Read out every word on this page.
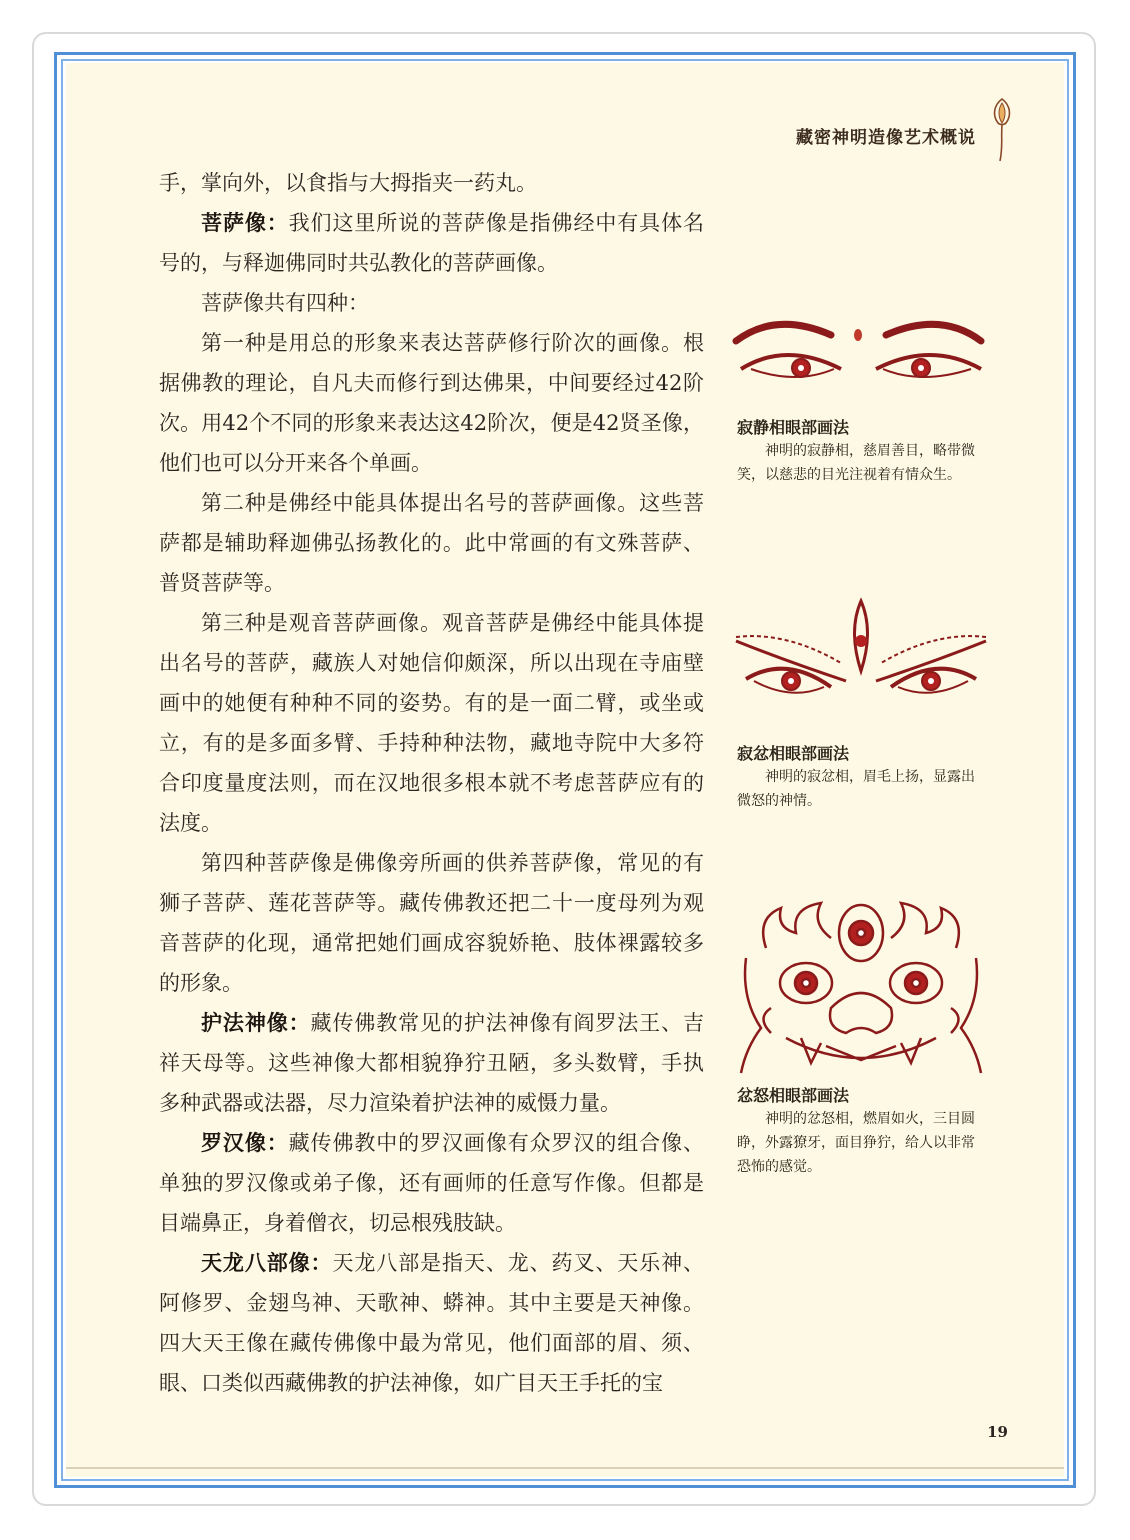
藏密神明造像艺术概说

手，掌向外，以食指与大拇指夹一药丸。

菩萨像：我们这里所说的菩萨像是指佛经中有具体名号的，与释迦佛同时共弘教化的菩萨画像。

菩萨像共有四种：

第一种是用总的形象来表达菩萨修行阶次的画像。根据佛教的理论，自凡夫而修行到达佛果，中间要经过42阶次。用42个不同的形象来表达这42阶次，便是42贤圣像，他们也可以分开来各个单画。

第二种是佛经中能具体提出名号的菩萨画像。这些菩萨都是辅助释迦佛弘扬教化的。此中常画的有文殊菩萨、普贤菩萨等。

第三种是观音菩萨画像。观音菩萨是佛经中能具体提出名号的菩萨，藏族人对她信仰颇深，所以出现在寺庙壁画中的她便有种种不同的姿势。有的是一面二臂，或坐或立，有的是多面多臂、手持种种法物，藏地寺院中大多符合印度量度法则，而在汉地很多根本就不考虑菩萨应有的法度。

第四种菩萨像是佛像旁所画的供养菩萨像，常见的有狮子菩萨、莲花菩萨等。藏传佛教还把二十一度母列为观音菩萨的化现，通常把她们画成容貌娇艳、肢体裸露较多的形象。

护法神像：藏传佛教常见的护法神像有阎罗法王、吉祥天母等。这些神像大都相貌狰狞丑陋，多头数臂，手执多种武器或法器，尽力渲染着护法神的威慑力量。

罗汉像：藏传佛教中的罗汉画像有众罗汉的组合像、单独的罗汉像或弟子像，还有画师的任意写作像。但都是目端鼻正，身着僧衣，切忌根残肢缺。

天龙八部像：天龙八部是指天、龙、药叉、天乐神、阿修罗、金翅鸟神、天歌神、蟒神。其中主要是天神像。四大天王像在藏传佛像中最为常见，他们面部的眉、须、眼、口类似西藏佛教的护法神像，如广目天王手托的宝

寂静相眼部画法
神明的寂静相，慈眉善目，略带微笑，以慈悲的目光注视着有情众生。
寂忿相眼部画法
神明的寂忿相，眉毛上扬，显露出微怒的神情。
忿怒相眼部画法
神明的忿怒相，燃眉如火，三目圆睁，外露獠牙，面目狰狞，给人以非常恐怖的感觉。
19
